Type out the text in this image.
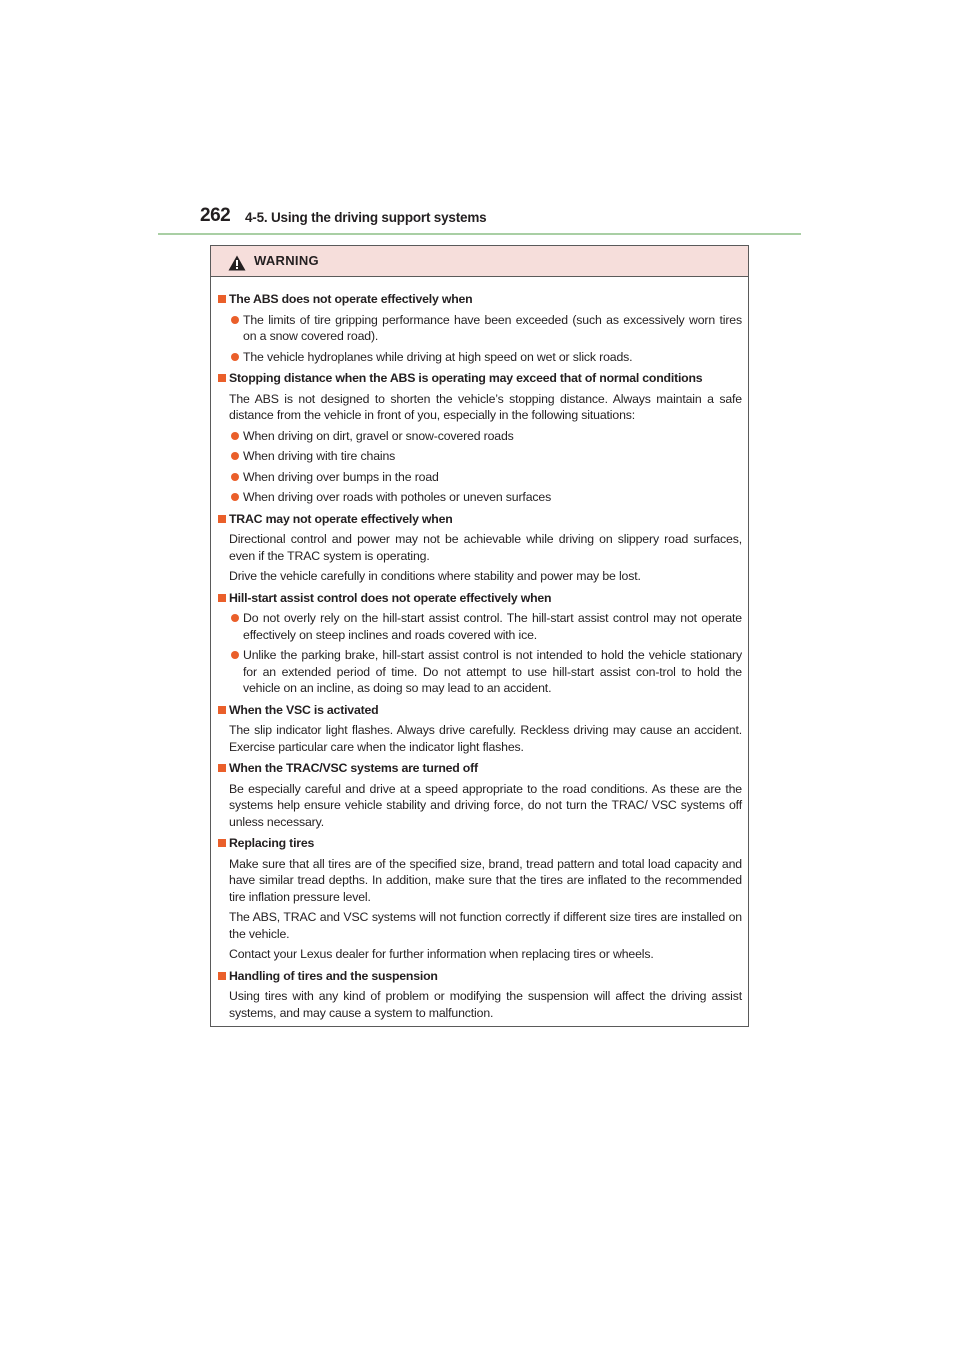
262 4-5. Using the driving support systems
WARNING
The ABS does not operate effectively when
The limits of tire gripping performance have been exceeded (such as excessively worn tires on a snow covered road).
The vehicle hydroplanes while driving at high speed on wet or slick roads.
Stopping distance when the ABS is operating may exceed that of normal conditions
The ABS is not designed to shorten the vehicle’s stopping distance. Always maintain a safe distance from the vehicle in front of you, especially in the following situations:
When driving on dirt, gravel or snow-covered roads
When driving with tire chains
When driving over bumps in the road
When driving over roads with potholes or uneven surfaces
TRAC may not operate effectively when
Directional control and power may not be achievable while driving on slippery road surfaces, even if the TRAC system is operating.
Drive the vehicle carefully in conditions where stability and power may be lost.
Hill-start assist control does not operate effectively when
Do not overly rely on the hill-start assist control. The hill-start assist control may not operate effectively on steep inclines and roads covered with ice.
Unlike the parking brake, hill-start assist control is not intended to hold the vehicle stationary for an extended period of time. Do not attempt to use hill-start assist con-trol to hold the vehicle on an incline, as doing so may lead to an accident.
When the VSC is activated
The slip indicator light flashes. Always drive carefully. Reckless driving may cause an accident. Exercise particular care when the indicator light flashes.
When the TRAC/VSC systems are turned off
Be especially careful and drive at a speed appropriate to the road conditions. As these are the systems help ensure vehicle stability and driving force, do not turn the TRAC/ VSC systems off unless necessary.
Replacing tires
Make sure that all tires are of the specified size, brand, tread pattern and total load capacity and have similar tread depths. In addition, make sure that the tires are inflated to the recommended tire inflation pressure level.
The ABS, TRAC and VSC systems will not function correctly if different size tires are installed on the vehicle.
Contact your Lexus dealer for further information when replacing tires or wheels.
Handling of tires and the suspension
Using tires with any kind of problem or modifying the suspension will affect the driving assist systems, and may cause a system to malfunction.
